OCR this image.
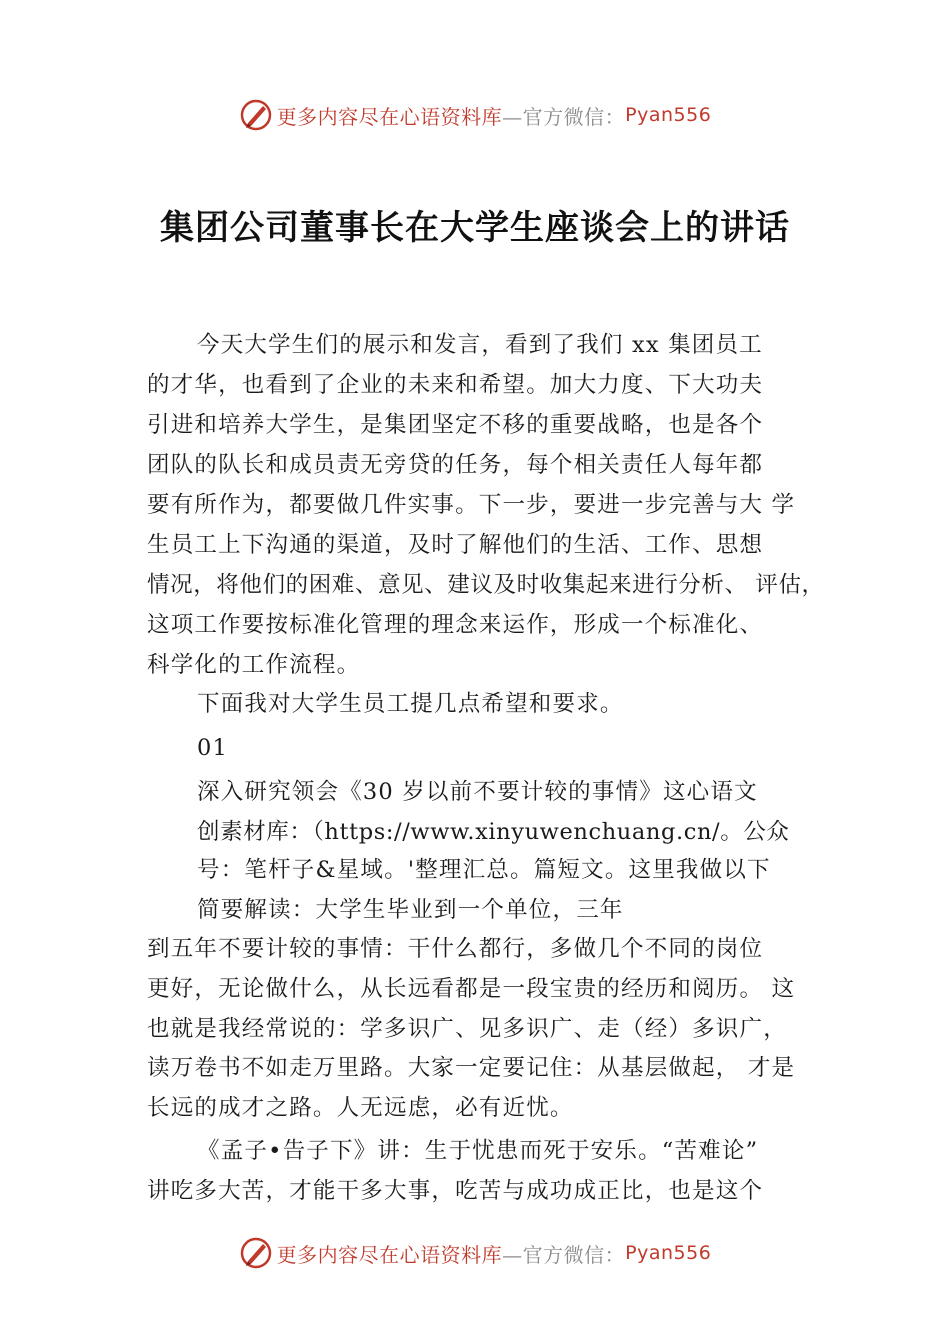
更多内容尽在心语资料库 —官方微信： Pyan556
集团公司董事长在大学生座谈会上的讲话
今天大学生们的展示和发言，看到了我们 xx 集团员工
的才华，也看到了企业的未来和希望。加大力度、下大功夫
引进和培养大学生，是集团坚定不移的重要战略，也是各个
团队的队长和成员责无旁贷的任务，每个相关责任人每年都
要有所作为，都要做几件实事。下一步，要进一步完善与大 学
生员工上下沟通的渠道，及时了解他们的生活、工作、思想
情况，将他们的困难、意见、建议及时收集起来进行分析、 评估，
这项工作要按标准化管理的理念来运作，形成一个标准化、
科学化的工作流程。
下面我对大学生员工提几点希望和要求。
01
深入研究领会《30 岁以前不要计较的事情》这心语文
创素材库：（https://www.xinyuwenchuang.cn/。公众
号：笔杆子&星域。'整理汇总。篇短文。这里我做以下
简要解读：大学生毕业到一个单位，三年
到五年不要计较的事情：干什么都行，多做几个不同的岗位
更好，无论做什么，从长远看都是一段宝贵的经历和阅历。 这
也就是我经常说的：学多识广、见多识广、走（经）多识广，
读万卷书不如走万里路。大家一定要记住：从基层做起， 才是
长远的成才之路。人无远虑，必有近忧。
《孟子•告子下》讲：生于忧患而死于安乐。“苦难论”
讲吃多大苦，才能干多大事，吃苦与成功成正比，也是这个
更多内容尽在心语资料库 —官方微信： Pyan556
